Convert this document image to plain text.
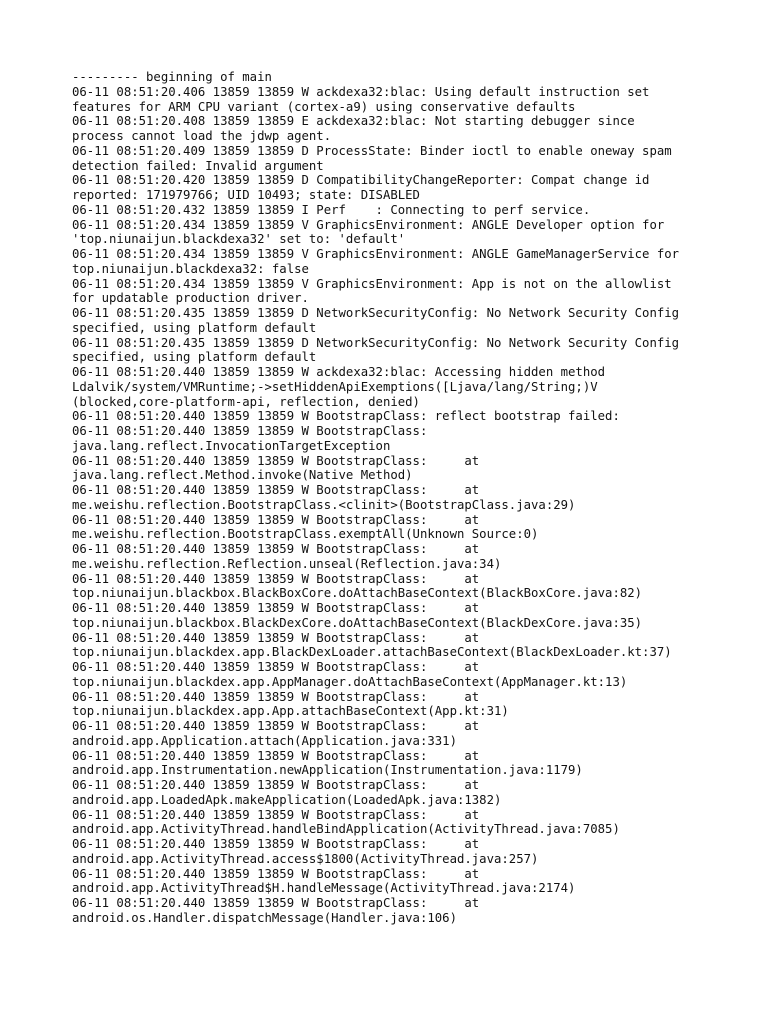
--------- beginning of main
06-11 08:51:20.406 13859 13859 W ackdexa32:blac: Using default instruction set
features for ARM CPU variant (cortex-a9) using conservative defaults
06-11 08:51:20.408 13859 13859 E ackdexa32:blac: Not starting debugger since
process cannot load the jdwp agent.
06-11 08:51:20.409 13859 13859 D ProcessState: Binder ioctl to enable oneway spam
detection failed: Invalid argument
06-11 08:51:20.420 13859 13859 D CompatibilityChangeReporter: Compat change id
reported: 171979766; UID 10493; state: DISABLED
06-11 08:51:20.432 13859 13859 I Perf    : Connecting to perf service.
06-11 08:51:20.434 13859 13859 V GraphicsEnvironment: ANGLE Developer option for
'top.niunaijun.blackdexa32' set to: 'default'
06-11 08:51:20.434 13859 13859 V GraphicsEnvironment: ANGLE GameManagerService for
top.niunaijun.blackdexa32: false
06-11 08:51:20.434 13859 13859 V GraphicsEnvironment: App is not on the allowlist
for updatable production driver.
06-11 08:51:20.435 13859 13859 D NetworkSecurityConfig: No Network Security Config
specified, using platform default
06-11 08:51:20.435 13859 13859 D NetworkSecurityConfig: No Network Security Config
specified, using platform default
06-11 08:51:20.440 13859 13859 W ackdexa32:blac: Accessing hidden method
Ldalvik/system/VMRuntime;->setHiddenApiExemptions([Ljava/lang/String;)V
(blocked,core-platform-api, reflection, denied)
06-11 08:51:20.440 13859 13859 W BootstrapClass: reflect bootstrap failed:
06-11 08:51:20.440 13859 13859 W BootstrapClass:
java.lang.reflect.InvocationTargetException
06-11 08:51:20.440 13859 13859 W BootstrapClass:     at
java.lang.reflect.Method.invoke(Native Method)
06-11 08:51:20.440 13859 13859 W BootstrapClass:     at
me.weishu.reflection.BootstrapClass.<clinit>(BootstrapClass.java:29)
06-11 08:51:20.440 13859 13859 W BootstrapClass:     at
me.weishu.reflection.BootstrapClass.exemptAll(Unknown Source:0)
06-11 08:51:20.440 13859 13859 W BootstrapClass:     at
me.weishu.reflection.Reflection.unseal(Reflection.java:34)
06-11 08:51:20.440 13859 13859 W BootstrapClass:     at
top.niunaijun.blackbox.BlackBoxCore.doAttachBaseContext(BlackBoxCore.java:82)
06-11 08:51:20.440 13859 13859 W BootstrapClass:     at
top.niunaijun.blackbox.BlackDexCore.doAttachBaseContext(BlackDexCore.java:35)
06-11 08:51:20.440 13859 13859 W BootstrapClass:     at
top.niunaijun.blackdex.app.BlackDexLoader.attachBaseContext(BlackDexLoader.kt:37)
06-11 08:51:20.440 13859 13859 W BootstrapClass:     at
top.niunaijun.blackdex.app.AppManager.doAttachBaseContext(AppManager.kt:13)
06-11 08:51:20.440 13859 13859 W BootstrapClass:     at
top.niunaijun.blackdex.app.App.attachBaseContext(App.kt:31)
06-11 08:51:20.440 13859 13859 W BootstrapClass:     at
android.app.Application.attach(Application.java:331)
06-11 08:51:20.440 13859 13859 W BootstrapClass:     at
android.app.Instrumentation.newApplication(Instrumentation.java:1179)
06-11 08:51:20.440 13859 13859 W BootstrapClass:     at
android.app.LoadedApk.makeApplication(LoadedApk.java:1382)
06-11 08:51:20.440 13859 13859 W BootstrapClass:     at
android.app.ActivityThread.handleBindApplication(ActivityThread.java:7085)
06-11 08:51:20.440 13859 13859 W BootstrapClass:     at
android.app.ActivityThread.access$1800(ActivityThread.java:257)
06-11 08:51:20.440 13859 13859 W BootstrapClass:     at
android.app.ActivityThread$H.handleMessage(ActivityThread.java:2174)
06-11 08:51:20.440 13859 13859 W BootstrapClass:     at
android.os.Handler.dispatchMessage(Handler.java:106)
